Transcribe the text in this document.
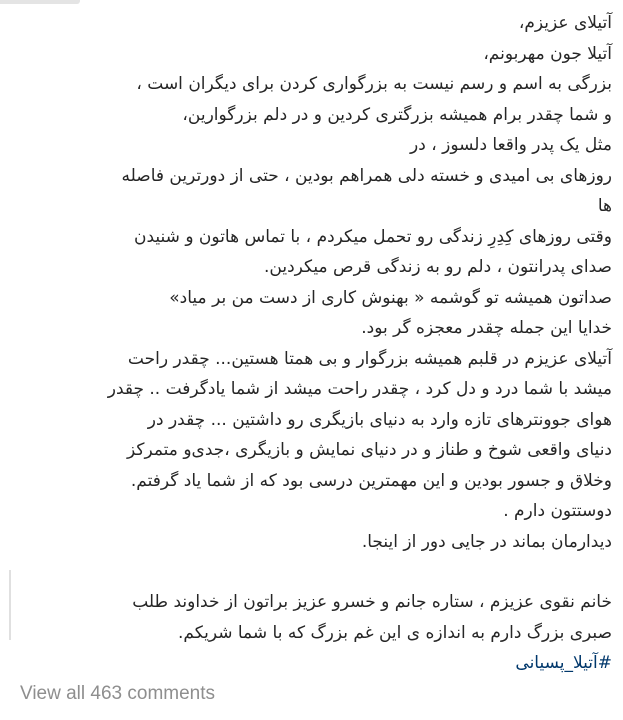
آتیلای عزیزم،
آتیلا جون مهربونم،
بزرگی به اسم و رسم نیست به بزرگواری کردن برای دیگران است ،
و شما چقدر برام همیشه بزرگتری کردین و در دلم بزرگوارین،
مثل یک پدر واقعا دلسوز ، در
روزهای بی امیدی و خسته دلی همراهم بودین ، حتی از دورترین فاصله
ها
وقتی روزهای کِدِرِ زندگی رو تحمل میکردم ، با تماس هاتون و شنیدن
صدای پدرانتون ، دلم رو به زندگی قرص میکردین.
صداتون همیشه تو گوشمه « بهنوش کاری از دست من بر میاد»
خدایا این جمله چقدر معجزه گر بود.
آتیلای عزیزم در قلبم همیشه بزرگوار و بی همتا هستین... چقدر راحت
میشد با شما درد و دل کرد ، چقدر راحت میشد از شما یادگرفت .. چقدر
هوای جوونترهای تازه وارد به دنیای بازیگری رو داشتین ... چقدر در
دنیای واقعی شوخ و طناز و در دنیای نمایش و بازیگری ،جدی‌و متمرکز
وخلاق و جسور بودین و این مهمترین درسی بود که از شما یاد گرفتم.
دوستتون دارم .
دیدارمان بماند در جایی دور از اینجا.
خانم نقوی عزیزم ، ستاره جانم و خسرو عزیز براتون از خداوند طلب
صبری بزرگ دارم به اندازه ی این غم بزرگ که با شما شریکم.
#آتیلا_پسیانی
View all 463 comments
